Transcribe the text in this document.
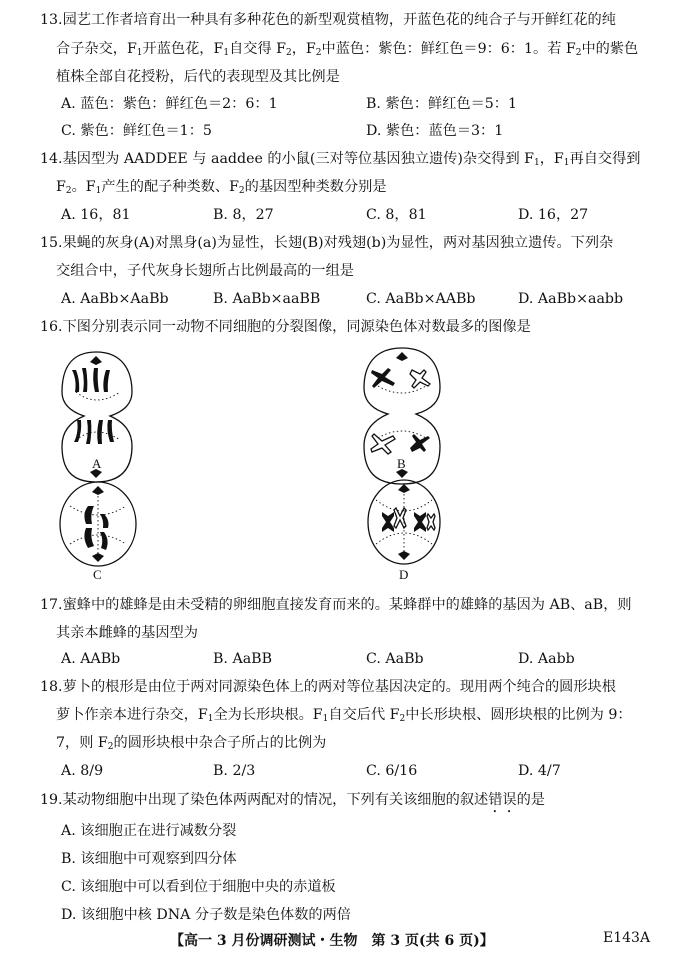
13.园艺工作者培育出一种具有多种花色的新型观赏植物，开蓝色花的纯合子与开鲜红花的纯
合子杂交，$F_1$开蓝色花，$F_1$自交得 $F_2$，$F_2$中蓝色：紫色：鲜红色＝9：6：1。若 $F_2$中的紫色
植株全部自花授粉，后代的表现型及其比例是
A. 蓝色：紫色：鲜红色＝2：6：1	B. 紫色：鲜红色＝5：1
C. 紫色：鲜红色＝1：5	D. 紫色：蓝色＝3：1
14.基因型为 AADDEE 与 aaddee 的小鼠(三对等位基因独立遗传)杂交得到 $F_1$，$F_1$再自交得到
$F_2$。$F_1$产生的配子种类数、$F_2$的基因型种类数分别是
A. 16，81	B. 8，27	C. 8，81	D. 16，27
15.果蝇的灰身(A)对黑身(a)为显性，长翅(B)对残翅(b)为显性，两对基因独立遗传。下列杂
交组合中，子代灰身长翅所占比例最高的一组是
A. AaBb×AaBb	B. AaBb×aaBB	C. AaBb×AABb	D. AaBb×aabb
16.下图分别表示同一动物不同细胞的分裂图像，同源染色体对数最多的图像是
A	B
C	D
17.蜜蜂中的雄蜂是由未受精的卵细胞直接发育而来的。某蜂群中的雄蜂的基因为 AB、aB，则
其亲本雌蜂的基因型为
A. AABb	B. AaBB	C. AaBb	D. Aabb
18.萝卜的根形是由位于两对同源染色体上的两对等位基因决定的。现用两个纯合的圆形块根
萝卜作亲本进行杂交，$F_1$全为长形块根。$F_1$自交后代 $F_2$中长形块根、圆形块根的比例为 9：
7，则 $F_2$的圆形块根中杂合子所占的比例为
A. 8/9	B. 2/3	C. 6/16	D. 4/7
19.某动物细胞中出现了染色体两两配对的情况，下列有关该细胞的叙述错误的是
A. 该细胞正在进行减数分裂
B. 该细胞中可观察到四分体
C. 该细胞中可以看到位于细胞中央的赤道板
D. 该细胞中核 DNA 分子数是染色体数的两倍
【高一 3 月份调研测试・生物　第 3 页(共 6 页)】	E143A
